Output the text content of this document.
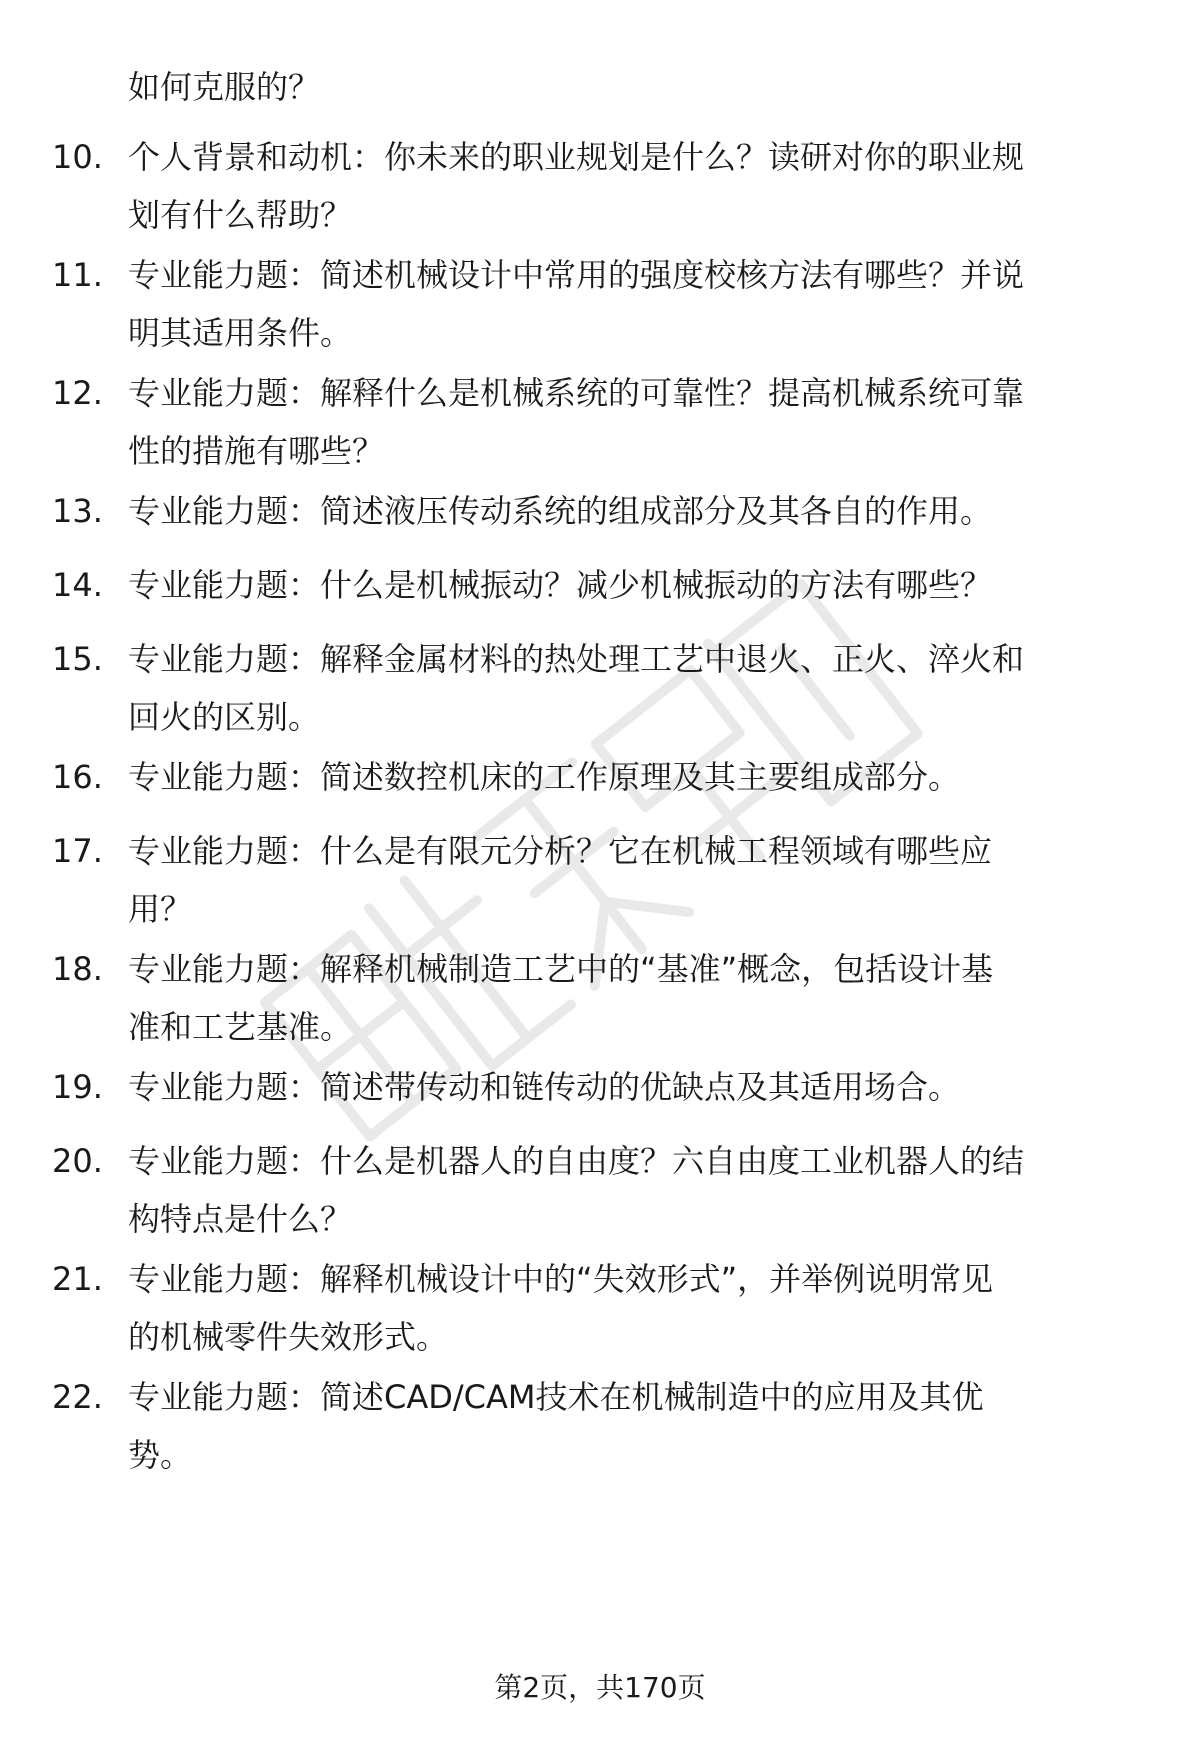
如何克服的？
10. 个人背景和动机：你未来的职业规划是什么？读研对你的职业规
划有什么帮助？
11. 专业能力题：简述机械设计中常用的强度校核方法有哪些？并说
明其适用条件。
12. 专业能力题：解释什么是机械系统的可靠性？提高机械系统可靠
性的措施有哪些？
13. 专业能力题：简述液压传动系统的组成部分及其各自的作用。
14. 专业能力题：什么是机械振动？减少机械振动的方法有哪些？
15. 专业能力题：解释金属材料的热处理工艺中退火、正火、淬火和
回火的区别。
16. 专业能力题：简述数控机床的工作原理及其主要组成部分。
17. 专业能力题：什么是有限元分析？它在机械工程领域有哪些应
用？
18. 专业能力题：解释机械制造工艺中的“基准”概念，包括设计基
准和工艺基准。
19. 专业能力题：简述带传动和链传动的优缺点及其适用场合。
20. 专业能力题：什么是机器人的自由度？六自由度工业机器人的结
构特点是什么？
21. 专业能力题：解释机械设计中的“失效形式”，并举例说明常见
的机械零件失效形式。
22. 专业能力题：简述CAD/CAM技术在机械制造中的应用及其优
势。
第2页，共170页
